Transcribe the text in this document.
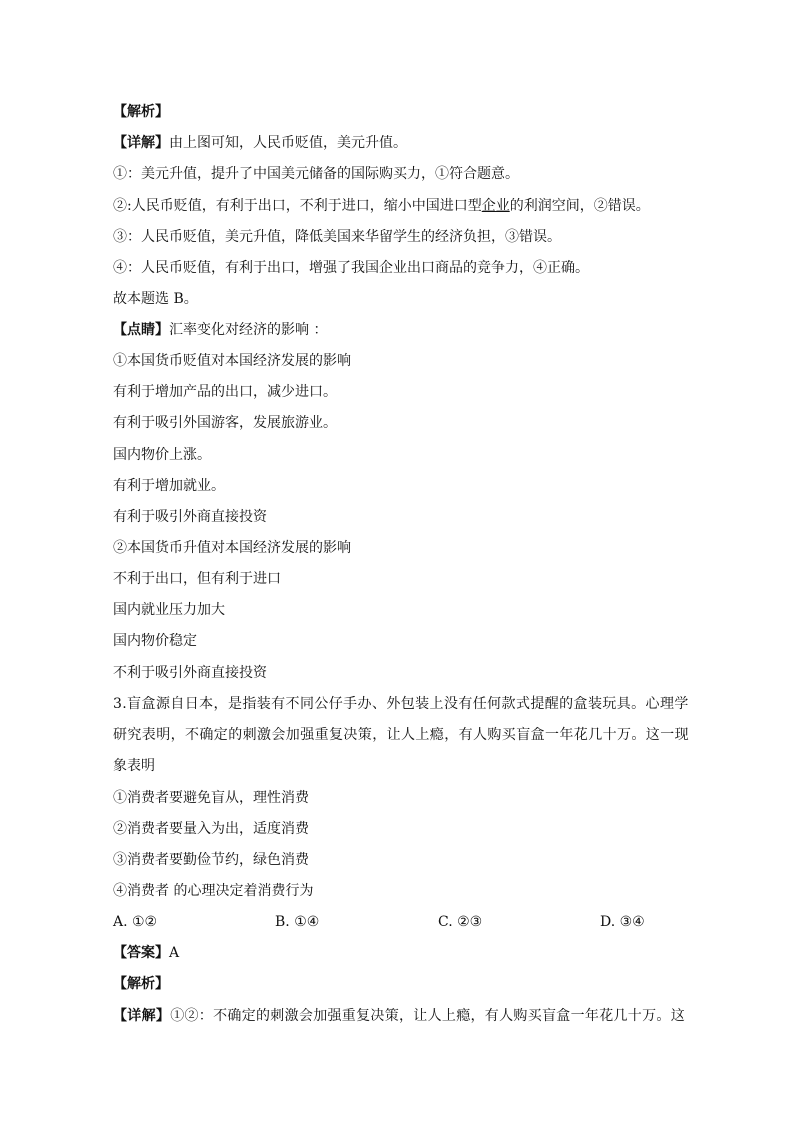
【解析】
【详解】由上图可知，人民币贬值，美元升值。
①：美元升值，提升了中国美元储备的国际购买力，①符合题意。
②:人民币贬值，有利于出口，不利于进口，缩小中国进口型企业的利润空间，②错误。
③：人民币贬值，美元升值，降低美国来华留学生的经济负担，③错误。
④：人民币贬值，有利于出口，增强了我国企业出口商品的竞争力，④正确。
故本题选 B。
【点睛】汇率变化对经济的影响 ：
①本国货币贬值对本国经济发展的影响
有利于增加产品的出口，减少进口。
有利于吸引外国游客，发展旅游业。
国内物价上涨。
有利于增加就业。
有利于吸引外商直接投资
②本国货币升值对本国经济发展的影响
不利于出口，但有利于进口
国内就业压力加大
国内物价稳定
不利于吸引外商直接投资
3.盲盒源自日本，是指装有不同公仔手办、外包装上没有任何款式提醒的盒装玩具。心理学
研究表明，不确定的刺激会加强重复决策，让人上瘾，有人购买盲盒一年花几十万。这一现
象表明
①消费者要避免盲从，理性消费
②消费者要量入为出，适度消费
③消费者要勤俭节约，绿色消费
④消费者 的心理决定着消费行为
A. ①②	B. ①④	C. ②③	D. ③④
【答案】A
【解析】
【详解】①②：不确定的刺激会加强重复决策，让人上瘾，有人购买盲盒一年花几十万。这
